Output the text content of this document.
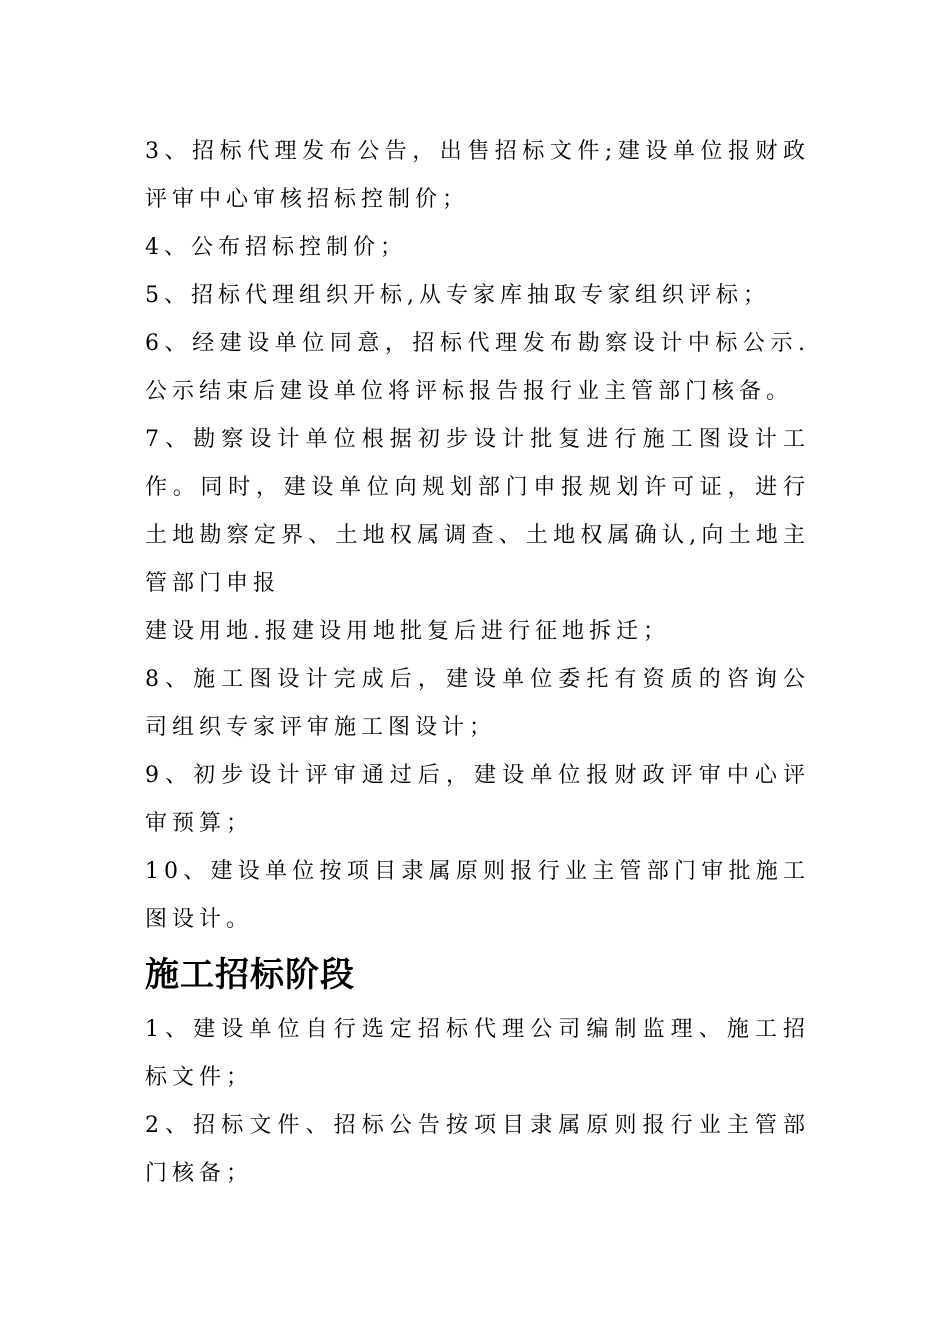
3、招标代理发布公告，出售招标文件;建设单位报财政评审中心审核招标控制价；

4、公布招标控制价；

5、招标代理组织开标,从专家库抽取专家组织评标；

6、经建设单位同意，招标代理发布勘察设计中标公示.公示结束后建设单位将评标报告报行业主管部门核备。

7、勘察设计单位根据初步设计批复进行施工图设计工作。同时，建设单位向规划部门申报规划许可证，进行土地勘察定界、土地权属调查、土地权属确认,向土地主管部门申报

建设用地.报建设用地批复后进行征地拆迁；

8、施工图设计完成后，建设单位委托有资质的咨询公司组织专家评审施工图设计；

9、初步设计评审通过后，建设单位报财政评审中心评审预算；

10、建设单位按项目隶属原则报行业主管部门审批施工图设计。

施工招标阶段

1、建设单位自行选定招标代理公司编制监理、施工招标文件；

2、招标文件、招标公告按项目隶属原则报行业主管部门核备；
